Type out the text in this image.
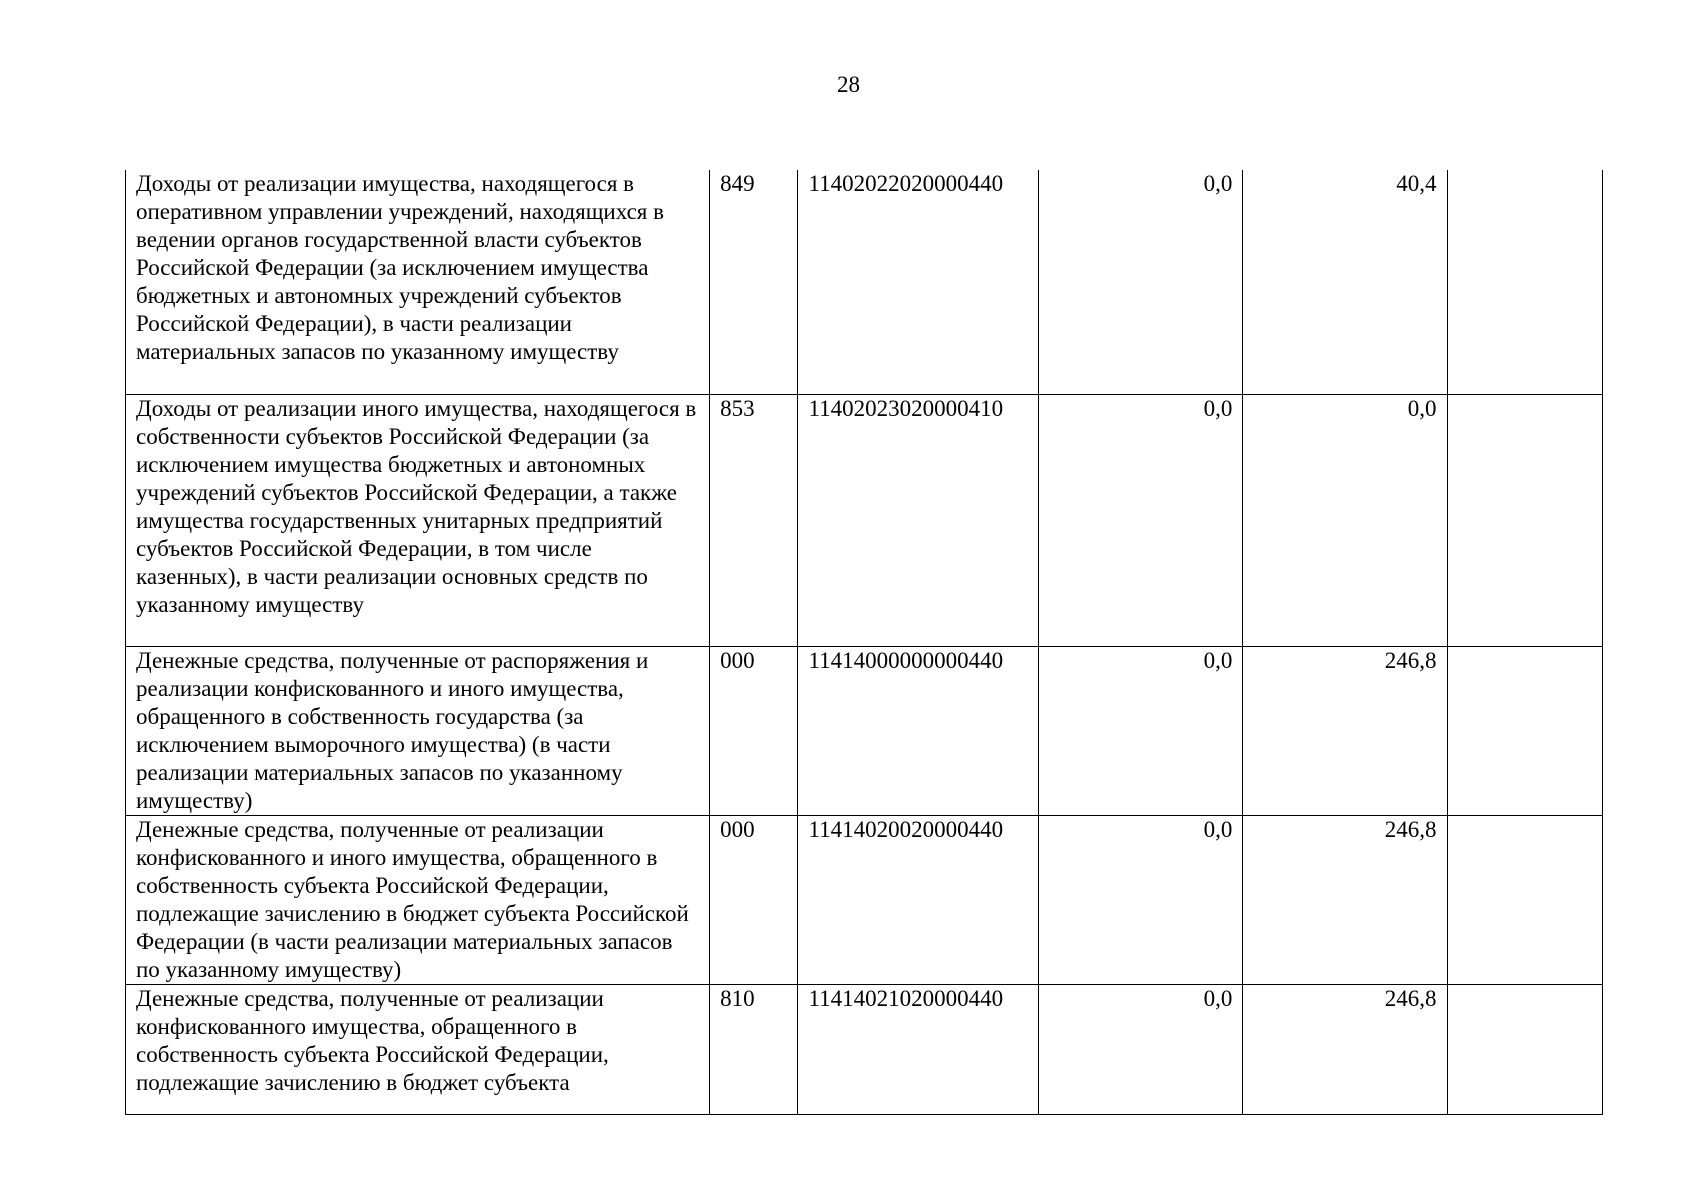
28
Доходы от реализации имущества, находящегося в оперативном управлении учреждений, находящихся в ведении органов государственной власти субъектов Российской Федерации (за исключением имущества бюджетных и автономных учреждений субъектов Российской Федерации), в части реализации материальных запасов по указанному имуществу	849	11402022020000440	0,0	40,4	
Доходы от реализации иного имущества, находящегося в собственности субъектов Российской Федерации (за исключением имущества бюджетных и автономных учреждений субъектов Российской Федерации, а также имущества государственных унитарных предприятий субъектов Российской Федерации, в том числе казенных), в части реализации основных средств по указанному имуществу	853	11402023020000410	0,0	0,0	
Денежные средства, полученные от распоряжения и реализации конфискованного и иного имущества, обращенного в собственность государства (за исключением выморочного имущества) (в части реализации материальных запасов по указанному имуществу)	000	11414000000000440	0,0	246,8	
Денежные средства, полученные от реализации конфискованного и иного имущества, обращенного в собственность субъекта Российской Федерации, подлежащие зачислению в бюджет субъекта Российской Федерации (в части реализации материальных запасов по указанному имуществу)	000	11414020020000440	0,0	246,8	
Денежные средства, полученные от реализации конфискованного имущества, обращенного в собственность субъекта Российской Федерации, подлежащие зачислению в бюджет субъекта	810	11414021020000440	0,0	246,8	
